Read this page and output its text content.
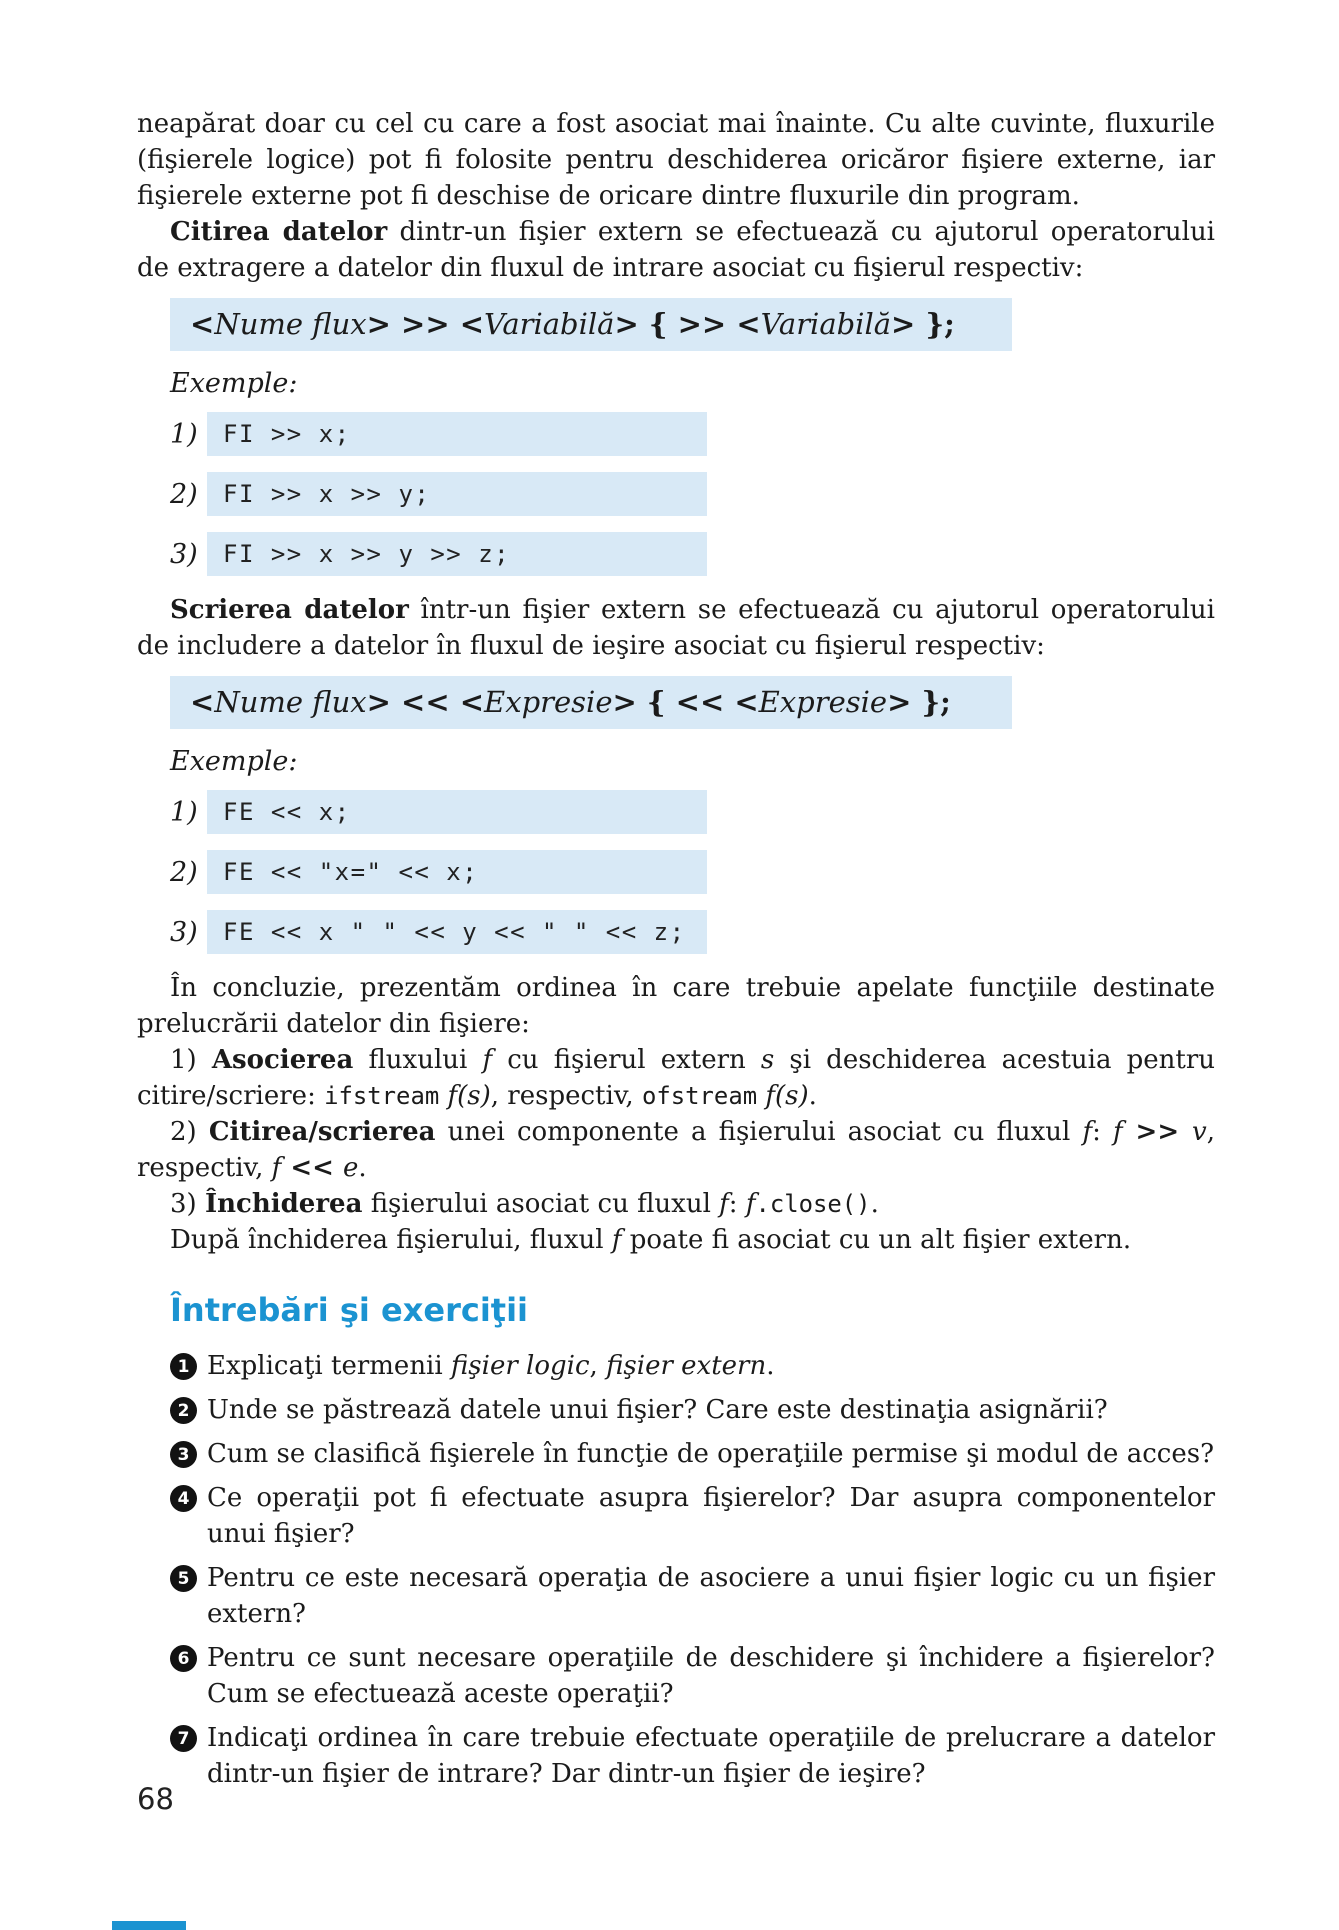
neapărat doar cu cel cu care a fost asociat mai înainte. Cu alte cuvinte, fluxurile (fişierele logice) pot fi folosite pentru deschiderea oricăror fişiere externe, iar fişierele externe pot fi deschise de oricare dintre fluxurile din program.

Citirea datelor dintr-un fişier extern se efectuează cu ajutorul operatorului de extragere a datelor din fluxul de intrare asociat cu fişierul respectiv:

<Nume flux> >> <Variabilă> { >> <Variabilă> };

Exemple:

1)	FI >> x;
2)	FI >> x >> y;
3)	FI >> x >> y >> z;

Scrierea datelor într-un fişier extern se efectuează cu ajutorul operatorului de includere a datelor în fluxul de ieşire asociat cu fişierul respectiv:

<Nume flux> << <Expresie> { << <Expresie> };

Exemple:

1)	FE << x;
2)	FE << "x=" << x;
3)	FE << x " " << y << " " << z;

În concluzie, prezentăm ordinea în care trebuie apelate funcţiile destinate prelucrării datelor din fişiere:

1) Asocierea fluxului f cu fişierul extern s şi deschiderea acestuia pentru citire/scriere: ifstream f(s), respectiv, ofstream f(s).

2) Citirea/scrierea unei componente a fişierului asociat cu fluxul f: f >> v, respectiv, f << e.

3) Închiderea fişierului asociat cu fluxul f: f.close().

După închiderea fişierului, fluxul f poate fi asociat cu un alt fişier extern.

Întrebări şi exerciţii
1 Explicaţi termenii fişier logic, fişier extern.
2 Unde se păstrează datele unui fişier? Care este destinaţia asignării?
3 Cum se clasifică fişierele în funcţie de operaţiile permise şi modul de acces?
4 Ce operaţii pot fi efectuate asupra fişierelor? Dar asupra componentelor unui fişier?
5 Pentru ce este necesară operaţia de asociere a unui fişier logic cu un fişier extern?
6 Pentru ce sunt necesare operaţiile de deschidere şi închidere a fişierelor? Cum se efectuează aceste operaţii?
7 Indicaţi ordinea în care trebuie efectuate operaţiile de prelucrare a datelor dintr-un fişier de intrare? Dar dintr-un fişier de ieşire?
68
